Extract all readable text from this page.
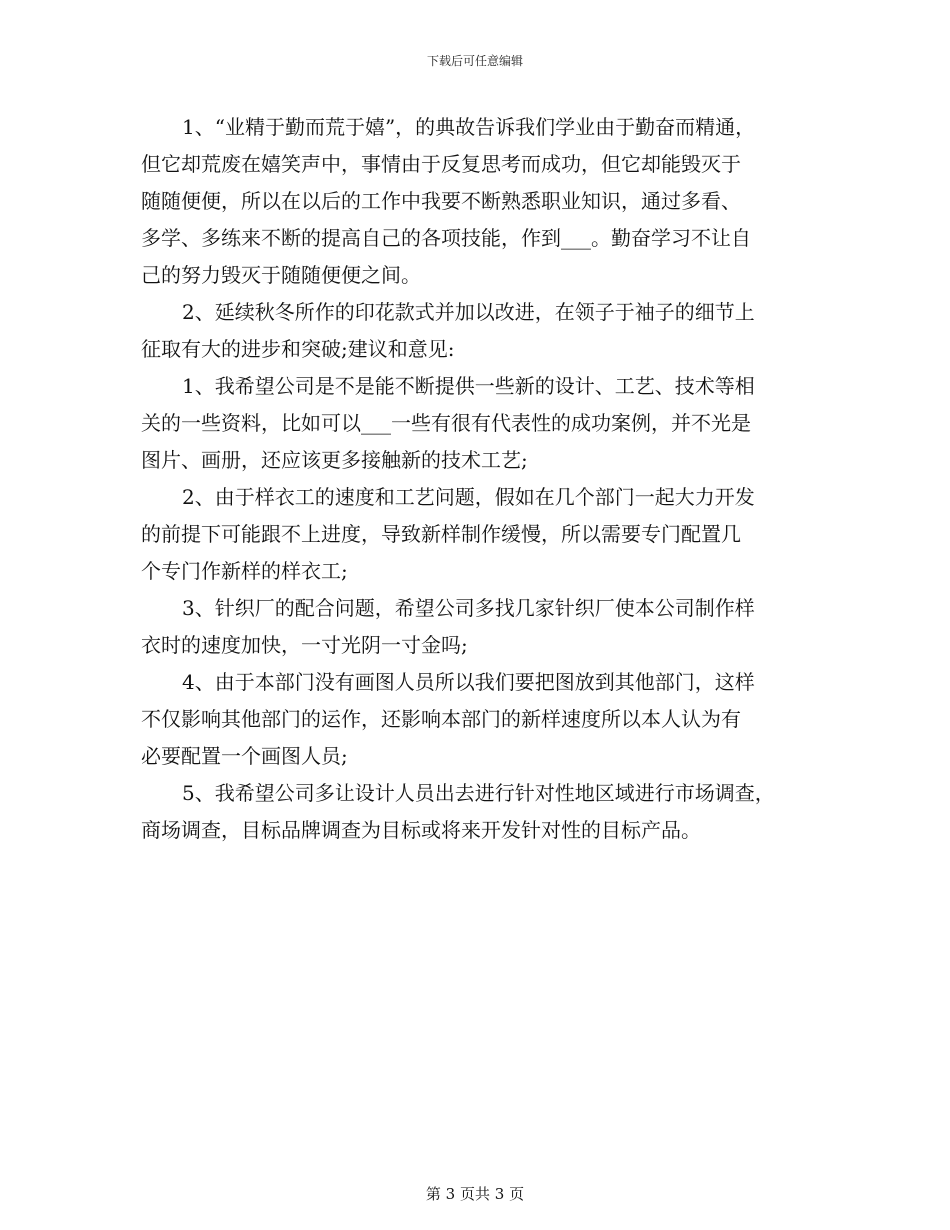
下载后可任意编辑
1、“业精于勤而荒于嬉”，的典故告诉我们学业由于勤奋而精通，
但它却荒废在嬉笑声中，事情由于反复思考而成功，但它却能毁灭于
随随便便，所以在以后的工作中我要不断熟悉职业知识，通过多看、
多学、多练来不断的提高自己的各项技能，作到___。勤奋学习不让自
己的努力毁灭于随随便便之间。
2、延续秋冬所作的印花款式并加以改进，在领子于袖子的细节上
征取有大的进步和突破;建议和意见:
1、我希望公司是不是能不断提供一些新的设计、工艺、技术等相
关的一些资料，比如可以___一些有很有代表性的成功案例，并不光是
图片、画册，还应该更多接触新的技术工艺;
2、由于样衣工的速度和工艺问题，假如在几个部门一起大力开发
的前提下可能跟不上进度，导致新样制作缓慢，所以需要专门配置几
个专门作新样的样衣工;
3、针织厂的配合问题，希望公司多找几家针织厂使本公司制作样
衣时的速度加快，一寸光阴一寸金吗;
4、由于本部门没有画图人员所以我们要把图放到其他部门，这样
不仅影响其他部门的运作，还影响本部门的新样速度所以本人认为有
必要配置一个画图人员;
5、我希望公司多让设计人员出去进行针对性地区域进行市场调查，
商场调查，目标品牌调查为目标或将来开发针对性的目标产品。
第 3 页共 3 页
